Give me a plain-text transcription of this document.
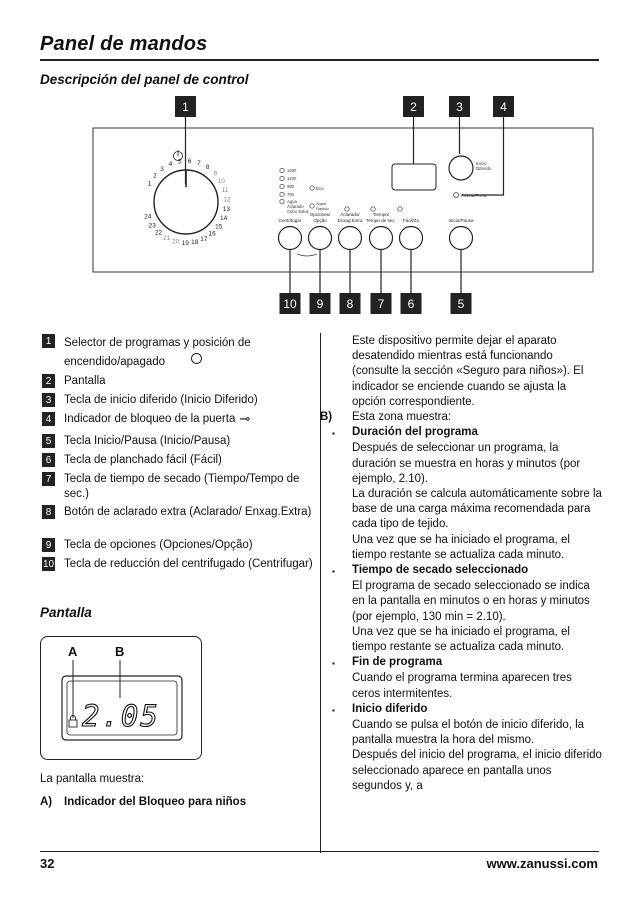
Panel de mandos
Descripción del panel de control
1	2	3	4
1
2
3
4 5 6 7
8
9
10
11
12
13
14
15
16
17
18
19
20
21
22
23
24
1400
1200
900
700
Agua
Aclarado
Cubo Solos
Eco
Super
Rápido
Inicio
Diferido
Puerta/Porta
Centrifugar
Opciones/
Opção
Aclarado/
Enxag.Extra
Tiempo/
Tempo de sec. Fácil/Zo	Inicio/Pausa
10 9 8 7 6	5
1	Selector de programas y posición de encendido/apagado
2	Pantalla
3	Tecla de inicio diferido (Inicio Diferido)
4	Indicador de bloqueo de la puerta ⊸
5	Tecla Inicio/Pausa (Inicio/Pausa)
6	Tecla de planchado fácil (Fácil)
7	Tecla de tiempo de secado (Tiempo/Tempo de sec.)
8	Botón de aclarado extra (Aclarado/ Enxag.Extra)
9	Tecla de opciones (Opciones/Opção)
10 Tecla de reducción del centrifugado (Centrifugar)
Pantalla
A	B
2.05
La pantalla muestra:
A)	Indicador del Bloqueo para niños
Este dispositivo permite dejar el aparato desatendido mientras está funcionando (consulte la sección «Seguro para niños»). El indicador se enciende cuando se ajusta la opción correspondiente.
B)	Esta zona muestra:
▪	Duración del programa
Después de seleccionar un programa, la duración se muestra en horas y minutos (por ejemplo, 2.10).
La duración se calcula automáticamente sobre la base de una carga máxima recomendada para cada tipo de tejido.
Una vez que se ha iniciado el programa, el tiempo restante se actualiza cada minuto.
▪	Tiempo de secado seleccionado
El programa de secado seleccionado se indica en la pantalla en minutos o en horas y minutos (por ejemplo, 130 min = 2.10).
Una vez que se ha iniciado el programa, el tiempo restante se actualiza cada minuto.
▪	Fin de programa
Cuando el programa termina aparecen tres ceros intermitentes.
▪	Inicio diferido
Cuando se pulsa el botón de inicio diferido, la pantalla muestra la hora del mismo.
Después del inicio del programa, el inicio diferido seleccionado aparece en pantalla unos segundos y, a
32	www.zanussi.com
